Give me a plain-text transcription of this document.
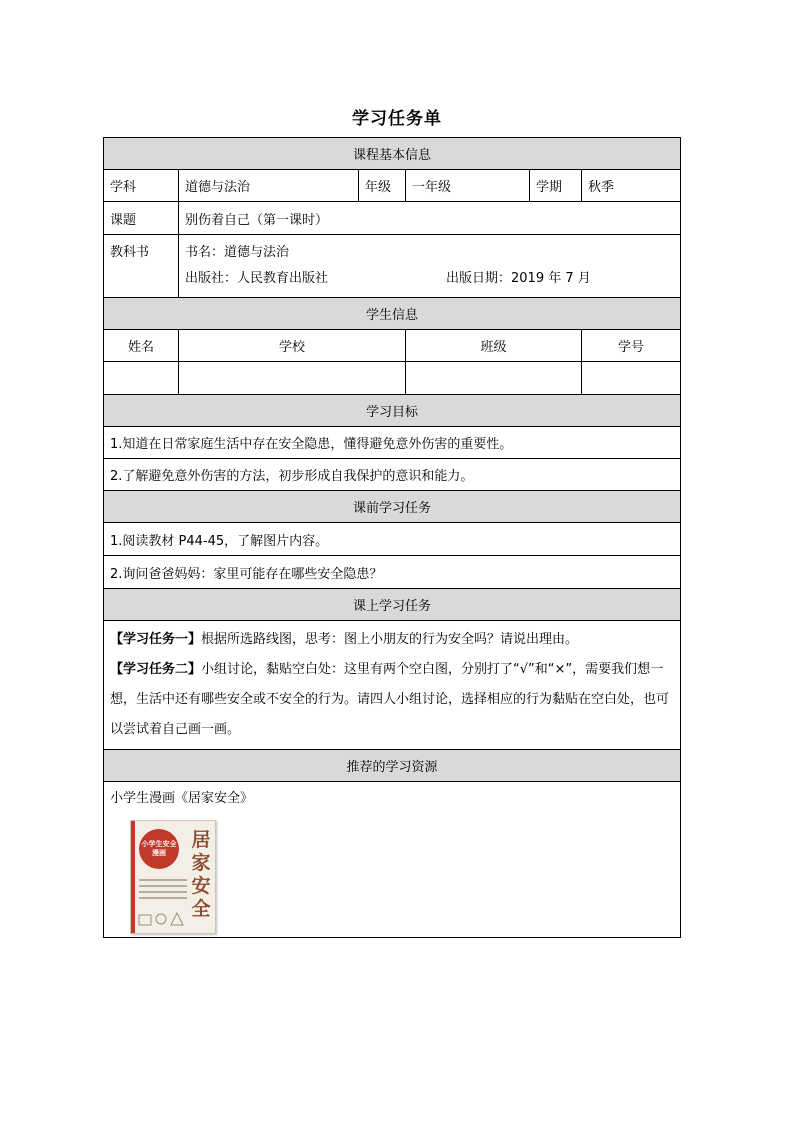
学习任务单
课程基本信息					
学科	道德与法治	年级	一年级	学期	秋季
课题	别伤着自己（第一课时）				
教科书	书名：道德与法治
出版社：人民教育出版社 出版日期：2019 年 7 月				

学生信息					
姓名	学校		班级		学号

学习目标					
1.知道在日常家庭生活中存在安全隐患，懂得避免意外伤害的重要性。					
2.了解避免意外伤害的方法，初步形成自我保护的意识和能力。					
课前学习任务					
1.阅读教材 P44-45，了解图片内容。					
2.询问爸爸妈妈：家里可能存在哪些安全隐患？					
课上学习任务					

【学习任务一】根据所选路线图，思考：图上小朋友的行为安全吗？请说出理由。
【学习任务二】小组讨论，黏贴空白处：这里有两个空白图，分别打了“√”和“×”，需要我们想一想，生活中还有哪些安全或不安全的行为。请四人小组讨论，选择相应的行为黏贴在空白处，也可以尝试着自己画一画。					

推荐的学习资源					

小学生漫画《居家安全》
小学生安全漫画
居家安全					
